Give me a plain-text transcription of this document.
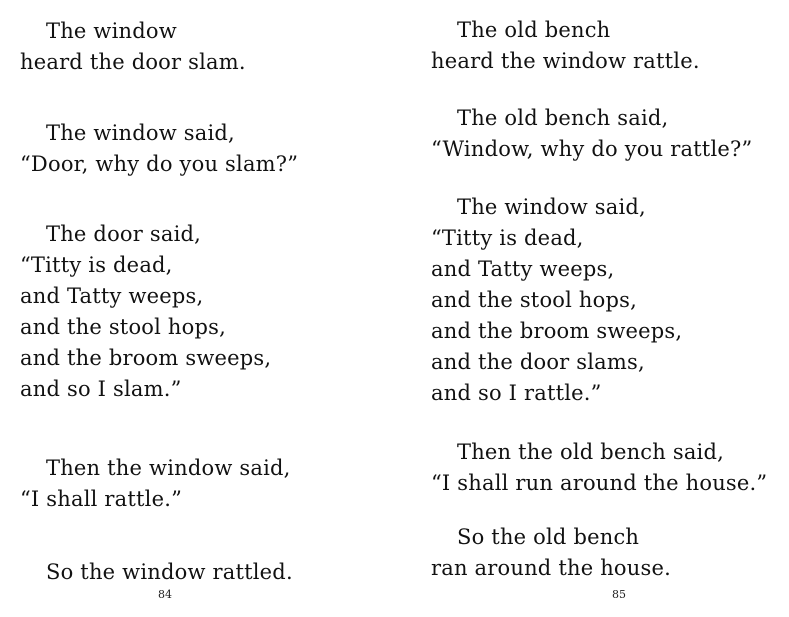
The window
heard the door slam.
The window said,
“Door, why do you slam?”
The door said,
“Titty is dead,
and Tatty weeps,
and the stool hops,
and the broom sweeps,
and so I slam.”
Then the window said,
“I shall rattle.”
So the window rattled.
84
The old bench
heard the window rattle.
The old bench said,
“Window, why do you rattle?”
The window said,
“Titty is dead,
and Tatty weeps,
and the stool hops,
and the broom sweeps,
and the door slams,
and so I rattle.”
Then the old bench said,
“I shall run around the house.”
So the old bench
ran around the house.
85
